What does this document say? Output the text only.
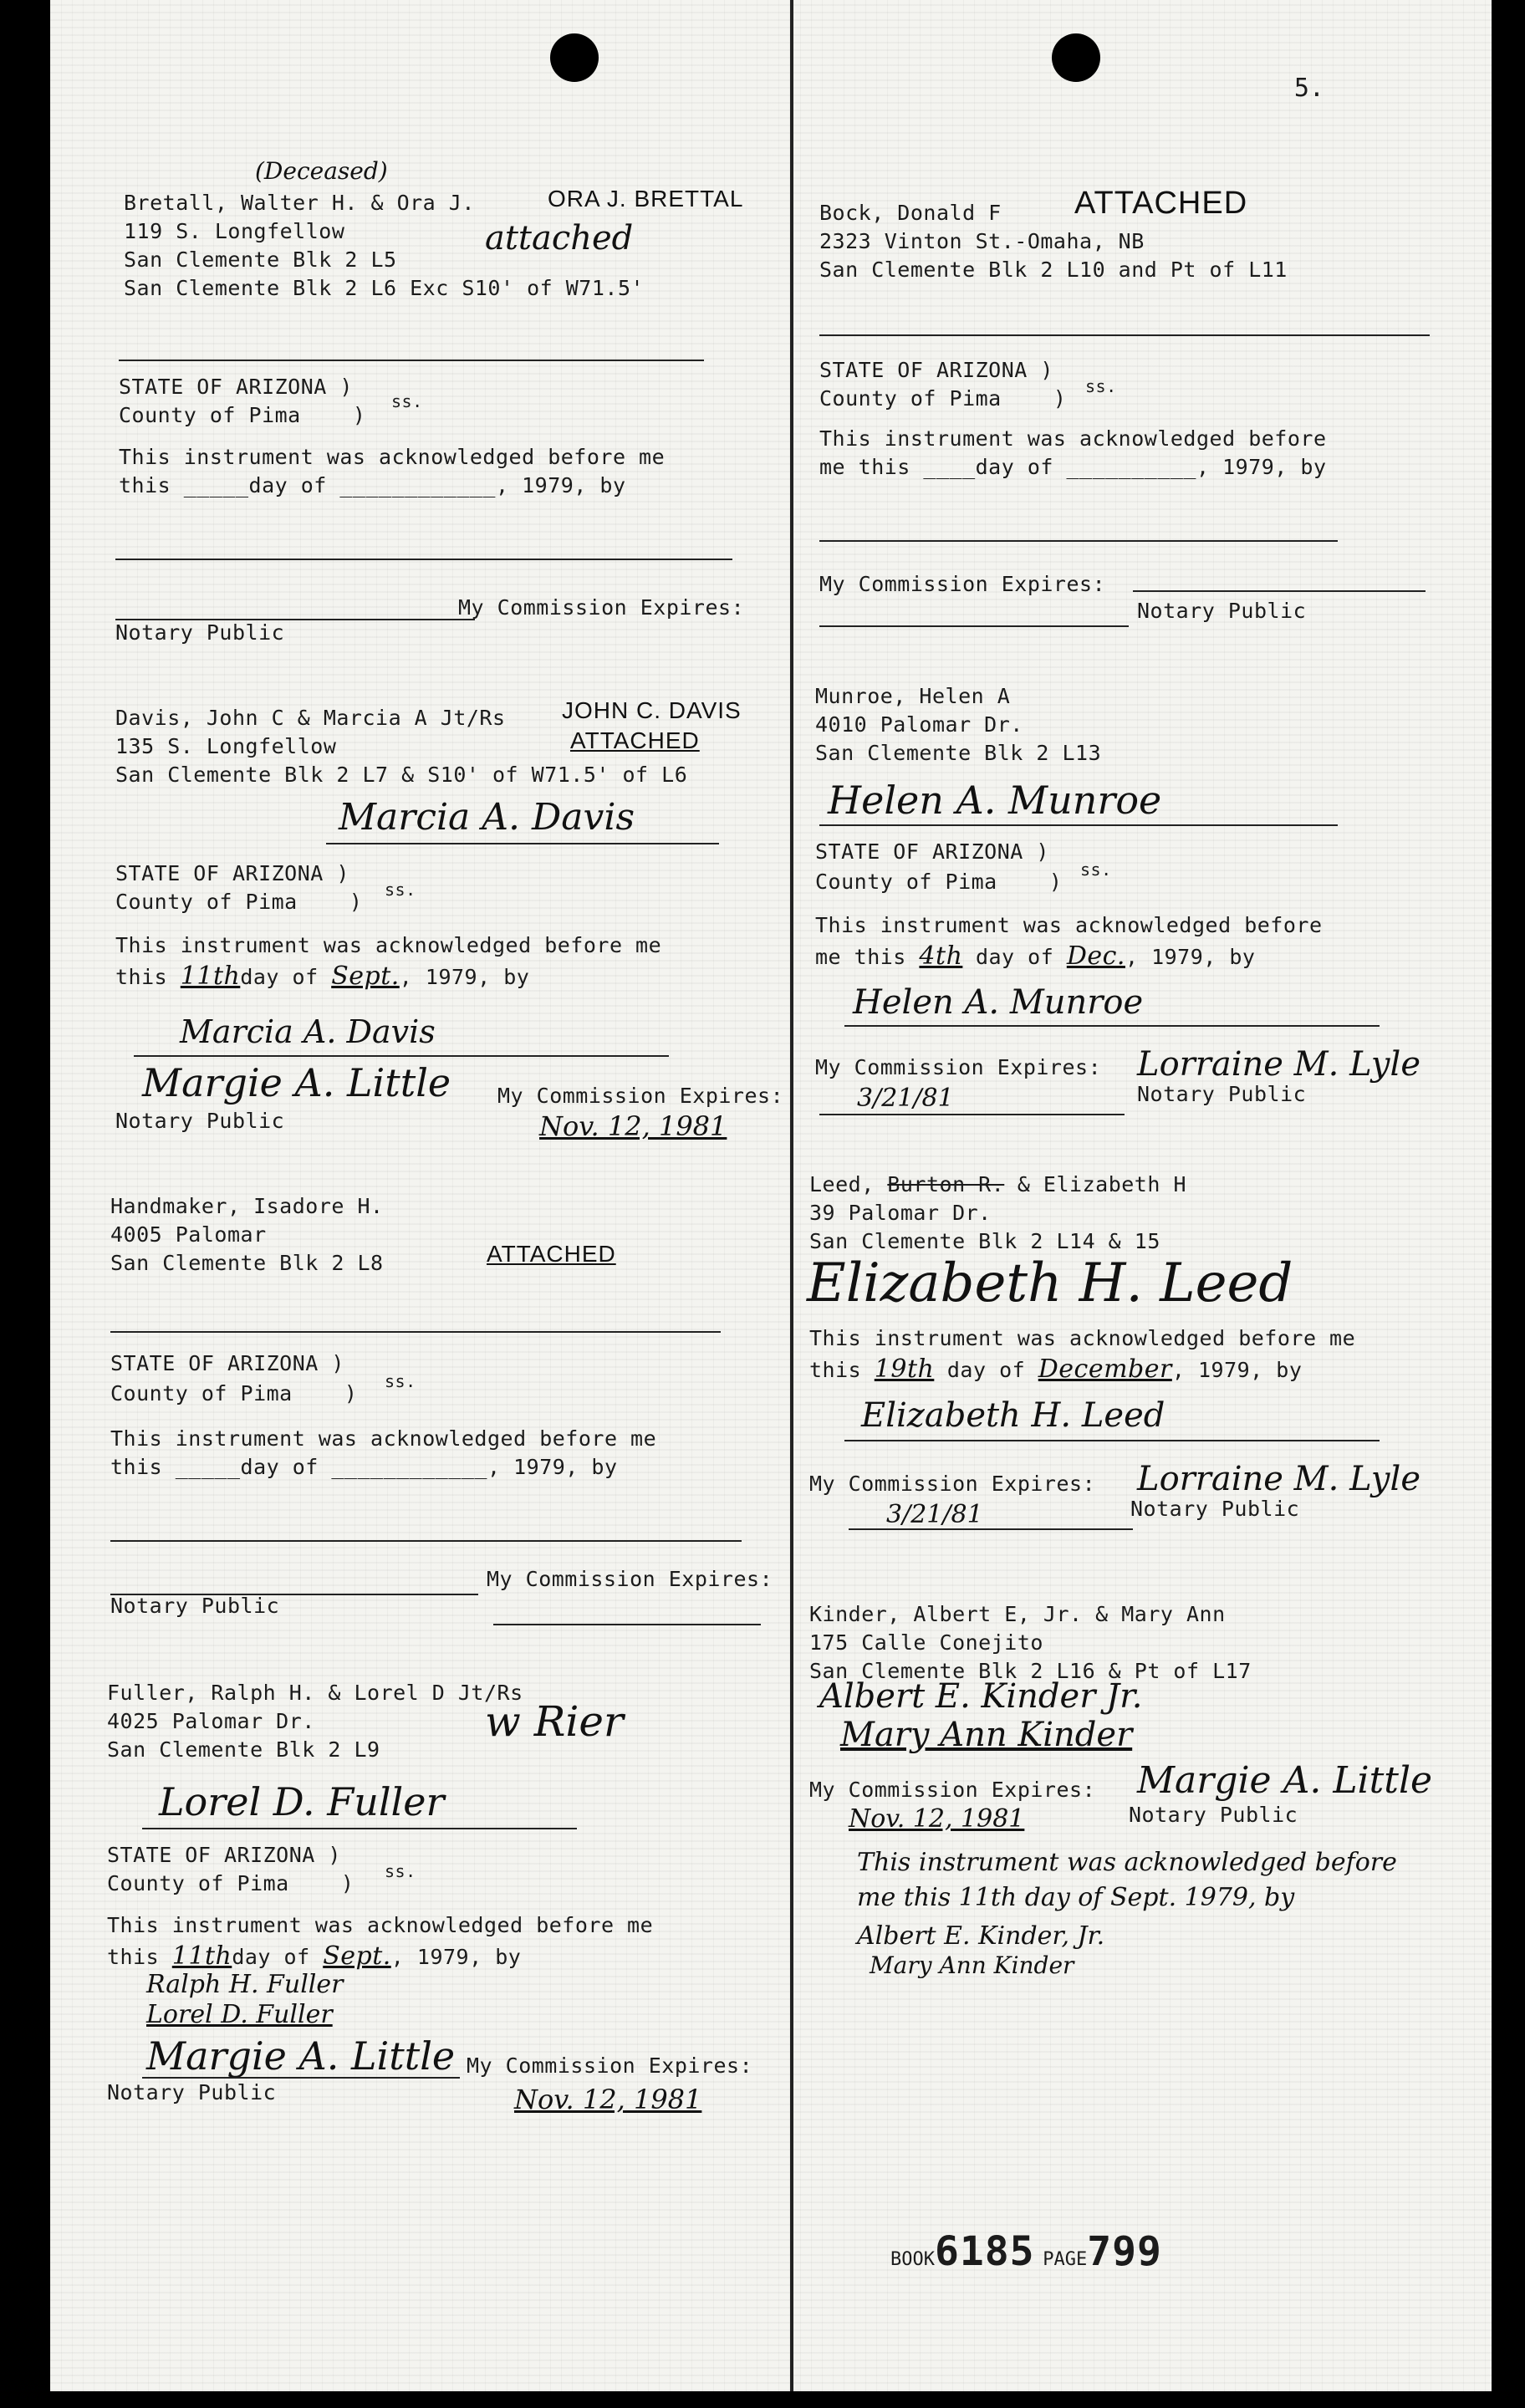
5.
(Deceased)
Bretall, Walter H. & Ora J.	ORA J. BRETTAL
119 S. Longfellow	attached
San Clemente Blk 2 L5
San Clemente Blk 2 L6 Exc S10' of W71.5'
STATE OF ARIZONA )
ss.
County of Pima    )
This instrument was acknowledged before me
this _____day of ____________, 1979, by
My Commission Expires:
Notary Public
Davis, John C & Marcia A Jt/Rs JOHN C. DAVIS
135 S. Longfellow	ATTACHED
San Clemente Blk 2 L7 & S10' of W71.5' of L6
Marcia A. Davis
STATE OF ARIZONA )
ss.
County of Pima    )
This instrument was acknowledged before me
this 11thday of Sept., 1979, by
Marcia A. Davis
Margie A. Little My Commission Expires:
Notary Public	Nov. 12, 1981
Handmaker, Isadore H.
4005 Palomar
San Clemente Blk 2 L8	ATTACHED
STATE OF ARIZONA )
ss.
County of Pima    )
This instrument was acknowledged before me
this _____day of ____________, 1979, by
My Commission Expires:
Notary Public
Fuller, Ralph H. & Lorel D Jt/Rs
4025 Palomar Dr.	w Rier
San Clemente Blk 2 L9
Lorel D. Fuller
STATE OF ARIZONA )
ss.
County of Pima    )
This instrument was acknowledged before me
this 11thday of Sept., 1979, by
Ralph H. Fuller
Lorel D. Fuller
Margie A. Little My Commission Expires:
Notary Public	Nov. 12, 1981
Bock, Donald F ATTACHED
2323 Vinton St.-Omaha, NB
San Clemente Blk 2 L10 and Pt of L11
STATE OF ARIZONA )
ss.
County of Pima    )
This instrument was acknowledged before
me this ____day of __________, 1979, by
My Commission Expires:
Notary Public
Munroe, Helen A
4010 Palomar Dr.
San Clemente Blk 2 L13
Helen A. Munroe
STATE OF ARIZONA )
ss.
County of Pima    )
This instrument was acknowledged before
me this 4th day of Dec., 1979, by
Helen A. Munroe
My Commission Expires: Lorraine M. Lyle
3/21/81	Notary Public
Leed, Burton R. & Elizabeth H
39 Palomar Dr.
San Clemente Blk 2 L14 & 15
Elizabeth H. Leed
This instrument was acknowledged before me
this 19th day of December, 1979, by
Elizabeth H. Leed
My Commission Expires: Lorraine M. Lyle
3/21/81	Notary Public
Kinder, Albert E, Jr. & Mary Ann
175 Calle Conejito
San Clemente Blk 2 L16 & Pt of L17
Albert E. Kinder Jr.
Mary Ann Kinder
My Commission Expires: Margie A. Little
Nov. 12, 1981	Notary Public
This instrument was acknowledged before
me this 11th day of Sept. 1979, by
Albert E. Kinder, Jr.
Mary Ann Kinder
BOOK6185 PAGE799
